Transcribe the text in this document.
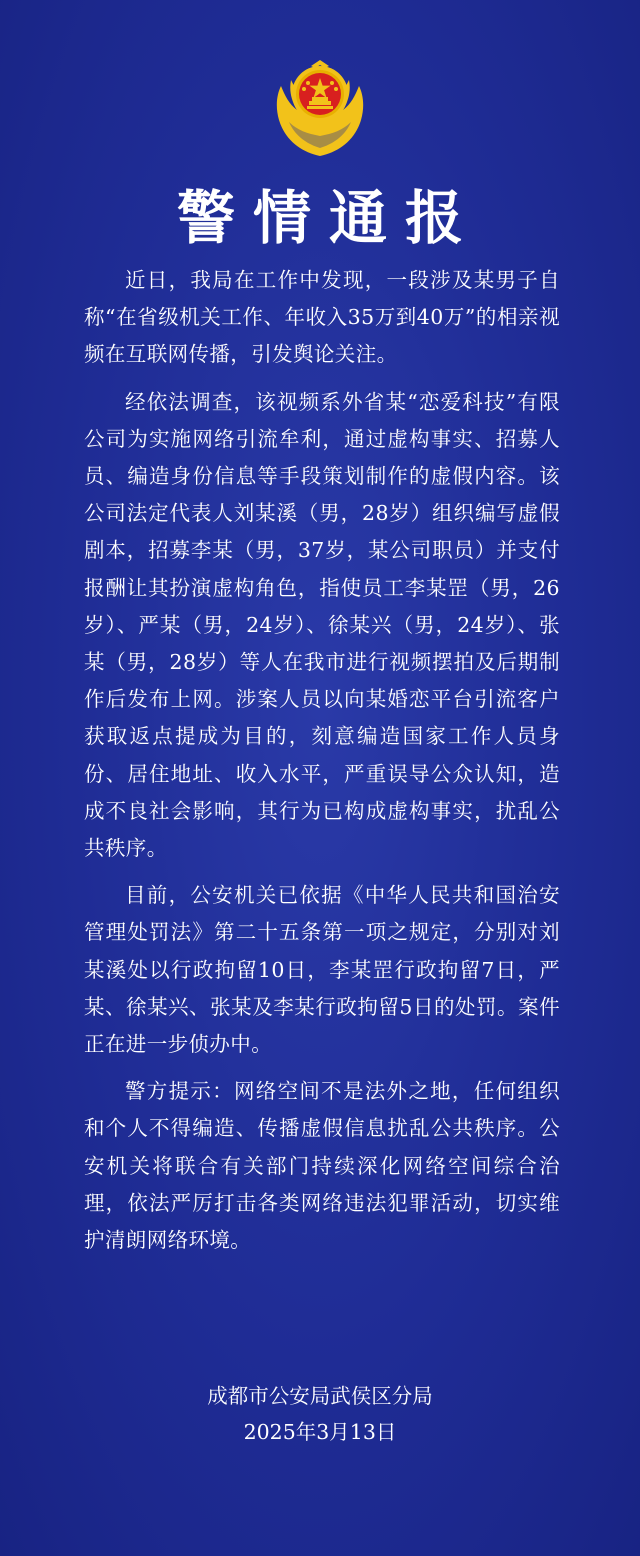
警情通报

近日，我局在工作中发现，一段涉及某男子自称“在省级机关工作、年收入35万到40万”的相亲视频在互联网传播，引发舆论关注。

经依法调查，该视频系外省某“恋爱科技”有限公司为实施网络引流牟利，通过虚构事实、招募人员、编造身份信息等手段策划制作的虚假内容。该公司法定代表人刘某溪（男，28岁）组织编写虚假剧本，招募李某（男，37岁，某公司职员）并支付报酬让其扮演虚构角色，指使员工李某罡（男，26岁）、严某（男，24岁）、徐某兴（男，24岁）、张某（男，28岁）等人在我市进行视频摆拍及后期制作后发布上网。涉案人员以向某婚恋平台引流客户获取返点提成为目的，刻意编造国家工作人员身份、居住地址、收入水平，严重误导公众认知，造成不良社会影响，其行为已构成虚构事实，扰乱公共秩序。

目前，公安机关已依据《中华人民共和国治安管理处罚法》第二十五条第一项之规定，分别对刘某溪处以行政拘留10日，李某罡行政拘留7日，严某、徐某兴、张某及李某行政拘留5日的处罚。案件正在进一步侦办中。

警方提示：网络空间不是法外之地，任何组织和个人不得编造、传播虚假信息扰乱公共秩序。公安机关将联合有关部门持续深化网络空间综合治理，依法严厉打击各类网络违法犯罪活动，切实维护清朗网络环境。

成都市公安局武侯区分局
2025年3月13日
